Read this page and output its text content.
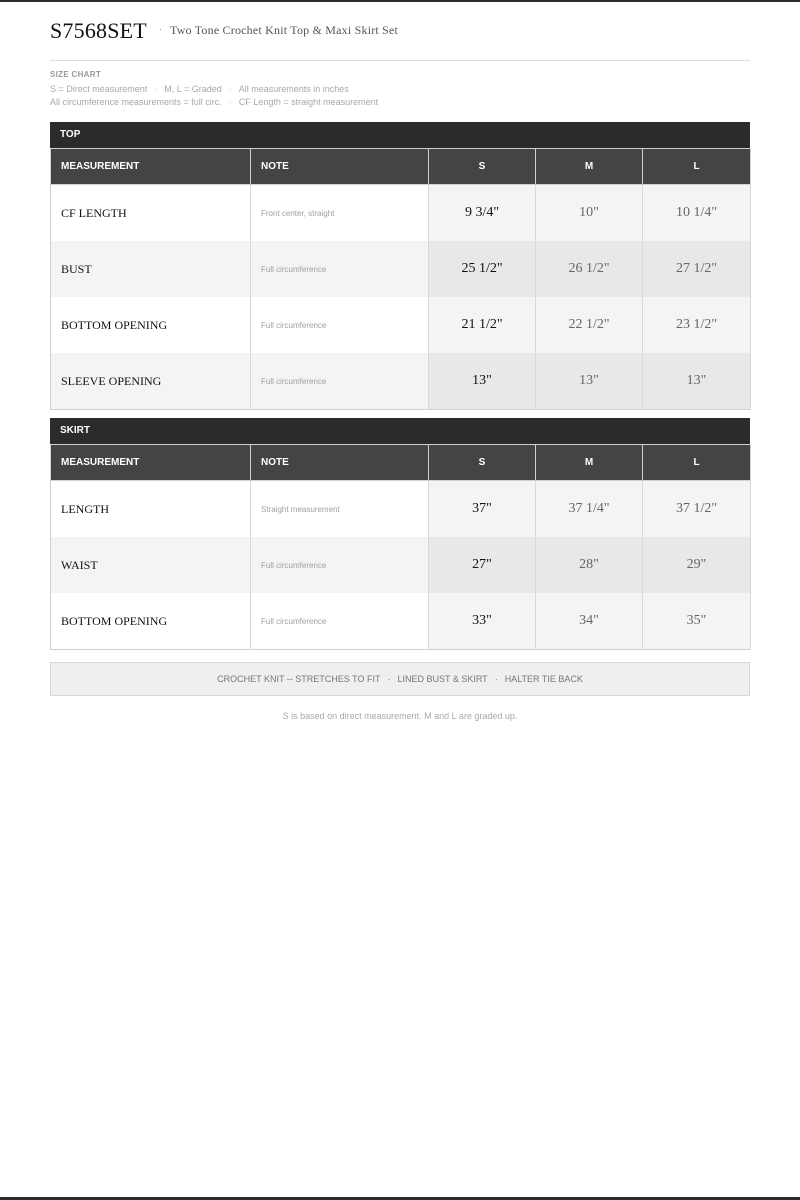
S7568SET · Two Tone Crochet Knit Top & Maxi Skirt Set
SIZE CHART
S = Direct measurement · M, L = Graded · All measurements in inches
All circumference measurements = full circ. · CF Length = straight measurement
TOP
MEASUREMENT	NOTE	S	M	L
CF LENGTH	Front center, straight	9 3/4"	10"	10 1/4"
BUST	Full circumference	25 1/2"	26 1/2"	27 1/2"
BOTTOM OPENING	Full circumference	21 1/2"	22 1/2"	23 1/2"
SLEEVE OPENING	Full circumference	13"	13"	13"
SKIRT
MEASUREMENT	NOTE	S	M	L
LENGTH	Straight measurement	37"	37 1/4"	37 1/2"
WAIST	Full circumference	27"	28"	29"
BOTTOM OPENING	Full circumference	33"	34"	35"
CROCHET KNIT -- STRETCHES TO FIT · LINED BUST & SKIRT · HALTER TIE BACK
S is based on direct measurement. M and L are graded up.
